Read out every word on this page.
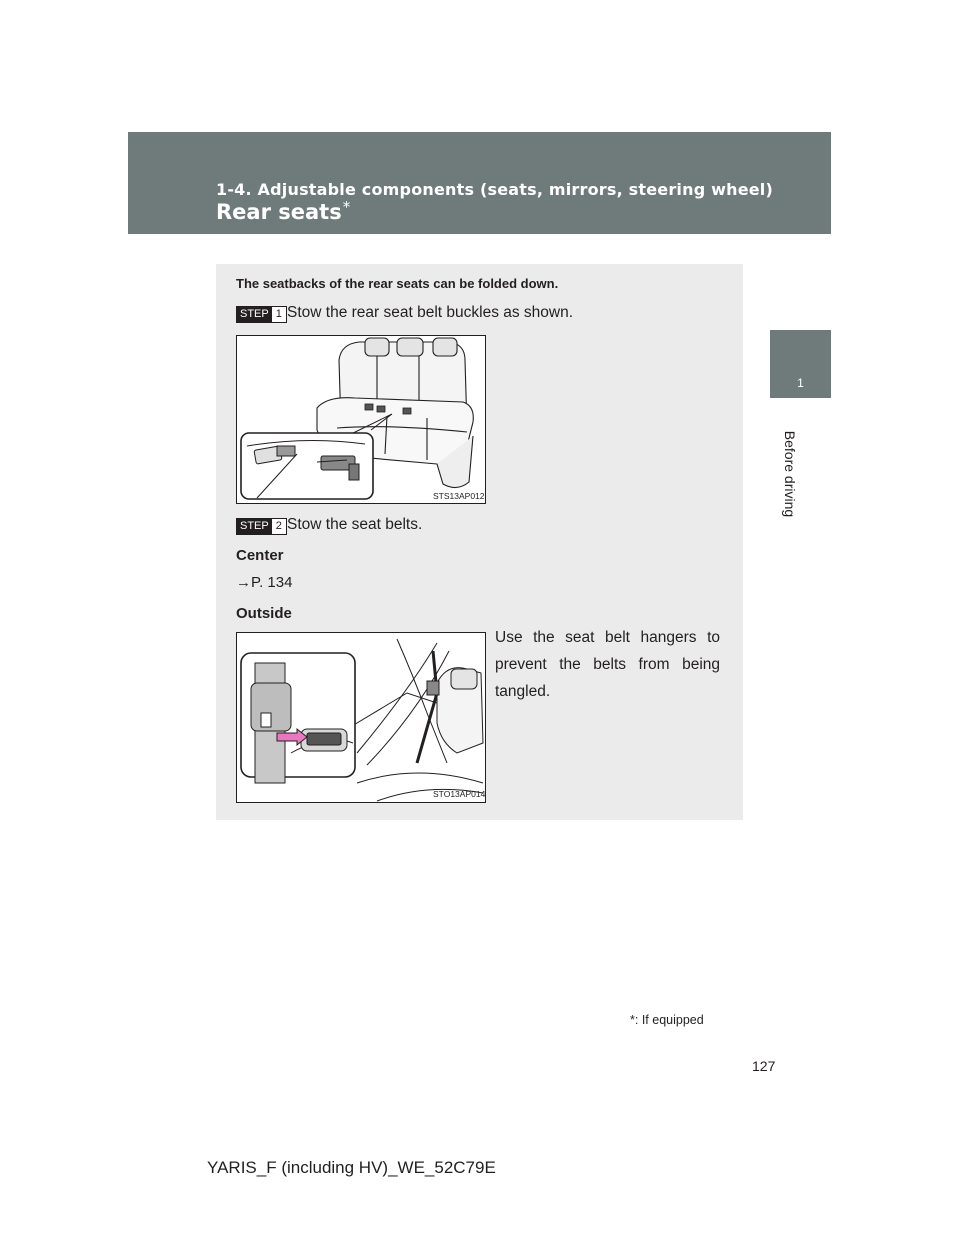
1-4. Adjustable components (seats, mirrors, steering wheel)
Rear seats*
1
Before driving
The seatbacks of the rear seats can be folded down.
STEP 1 Stow the rear seat belt buckles as shown.
STS13AP012
STEP 2 Stow the seat belts.
Center
→P. 134
Outside
STO13AP014
Use the seat belt hangers to
prevent the belts from being
tangled.
*: If equipped
127
YARIS_F (including HV)_WE_52C79E
